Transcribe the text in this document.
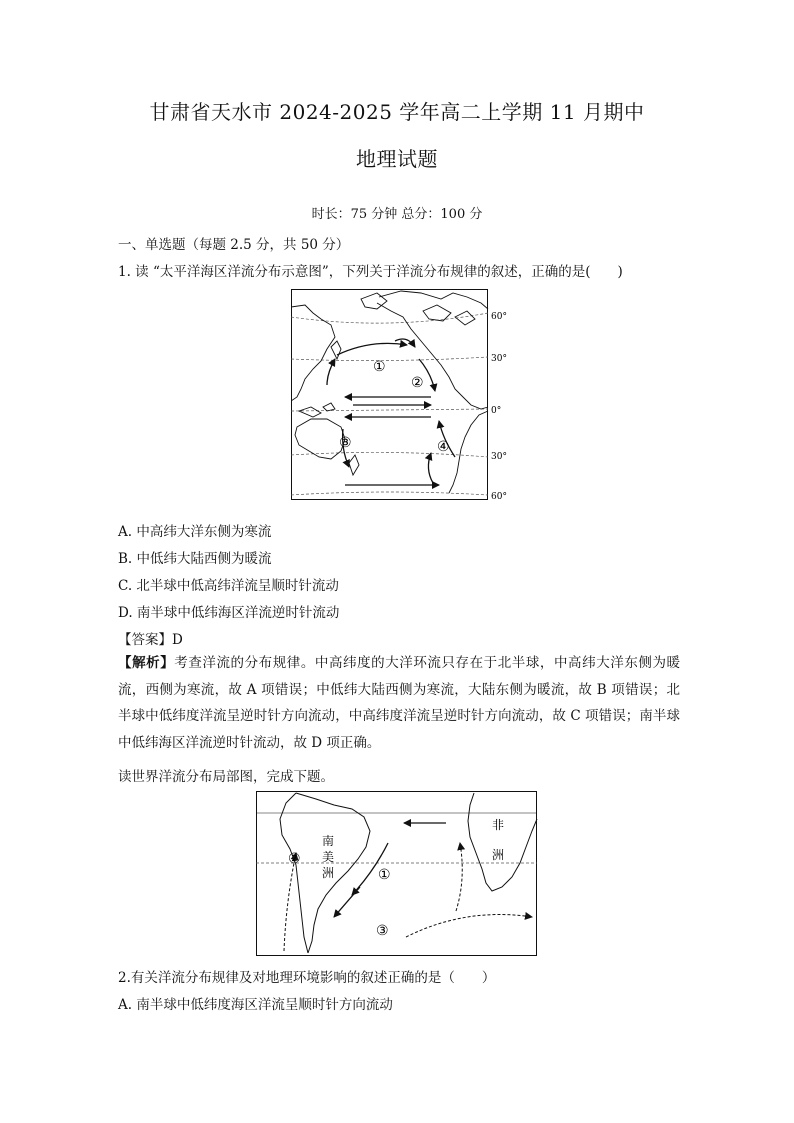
甘肃省天水市 2024-2025 学年高二上学期 11 月期中
地理试题
时长：75 分钟 总分：100 分
一、单选题（每题 2.5 分，共 50 分）
1. 读 “太平洋海区洋流分布示意图”，下列关于洋流分布规律的叙述，正确的是(　　)
①
②
③	④
60°
30°
0°
30°
60°
A. 中高纬大洋东侧为寒流
B. 中低纬大陆西侧为暖流
C. 北半球中低高纬洋流呈顺时针流动
D. 南半球中低纬海区洋流逆时针流动
【答案】D
【解析】考查洋流的分布规律。中高纬度的大洋环流只存在于北半球，中高纬大洋东侧为暖流，西侧为寒流，故 A 项错误；中低纬大陆西侧为寒流，大陆东侧为暖流，故 B 项错误；北半球中低纬度洋流呈逆时针方向流动，中高纬度洋流呈逆时针方向流动，故 C 项错误；南半球中低纬海区洋流逆时针流动，故 D 项正确。
读世界洋流分布局部图，完成下题。
南
美
洲
非
洲
②
①
③
2.有关洋流分布规律及对地理环境影响的叙述正确的是（　　）
A. 南半球中低纬度海区洋流呈顺时针方向流动
